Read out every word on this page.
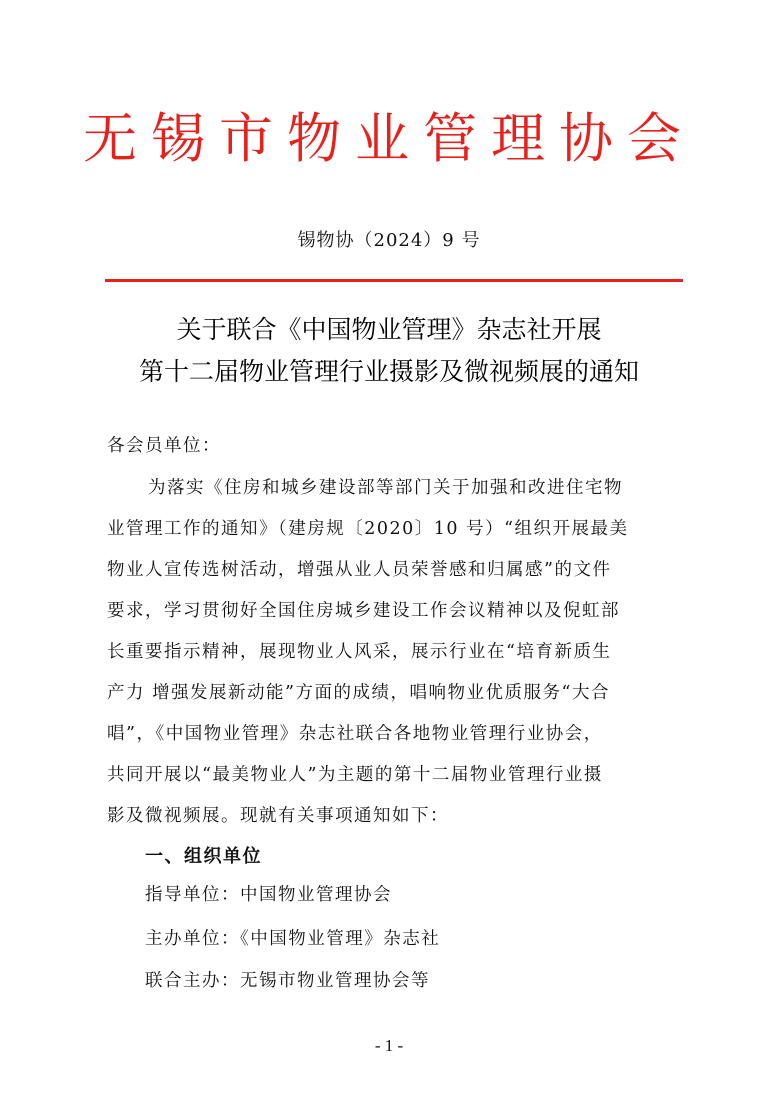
无锡市物业管理协会
锡物协（2024）9 号
关于联合《中国物业管理》杂志社开展
第十二届物业管理行业摄影及微视频展的通知
各会员单位：
为落实《住房和城乡建设部等部门关于加强和改进住宅物
业管理工作的通知》（建房规〔2020〕10 号）“组织开展最美
物业人宣传选树活动，增强从业人员荣誉感和归属感”的文件
要求，学习贯彻好全国住房城乡建设工作会议精神以及倪虹部
长重要指示精神，展现物业人风采，展示行业在“培育新质生
产力 增强发展新动能”方面的成绩，唱响物业优质服务“大合
唱”，《中国物业管理》杂志社联合各地物业管理行业协会，
共同开展以“最美物业人”为主题的第十二届物业管理行业摄
影及微视频展。现就有关事项通知如下：
一、组织单位
指导单位：中国物业管理协会
主办单位：《中国物业管理》杂志社
联合主办：无锡市物业管理协会等
- 1 -
